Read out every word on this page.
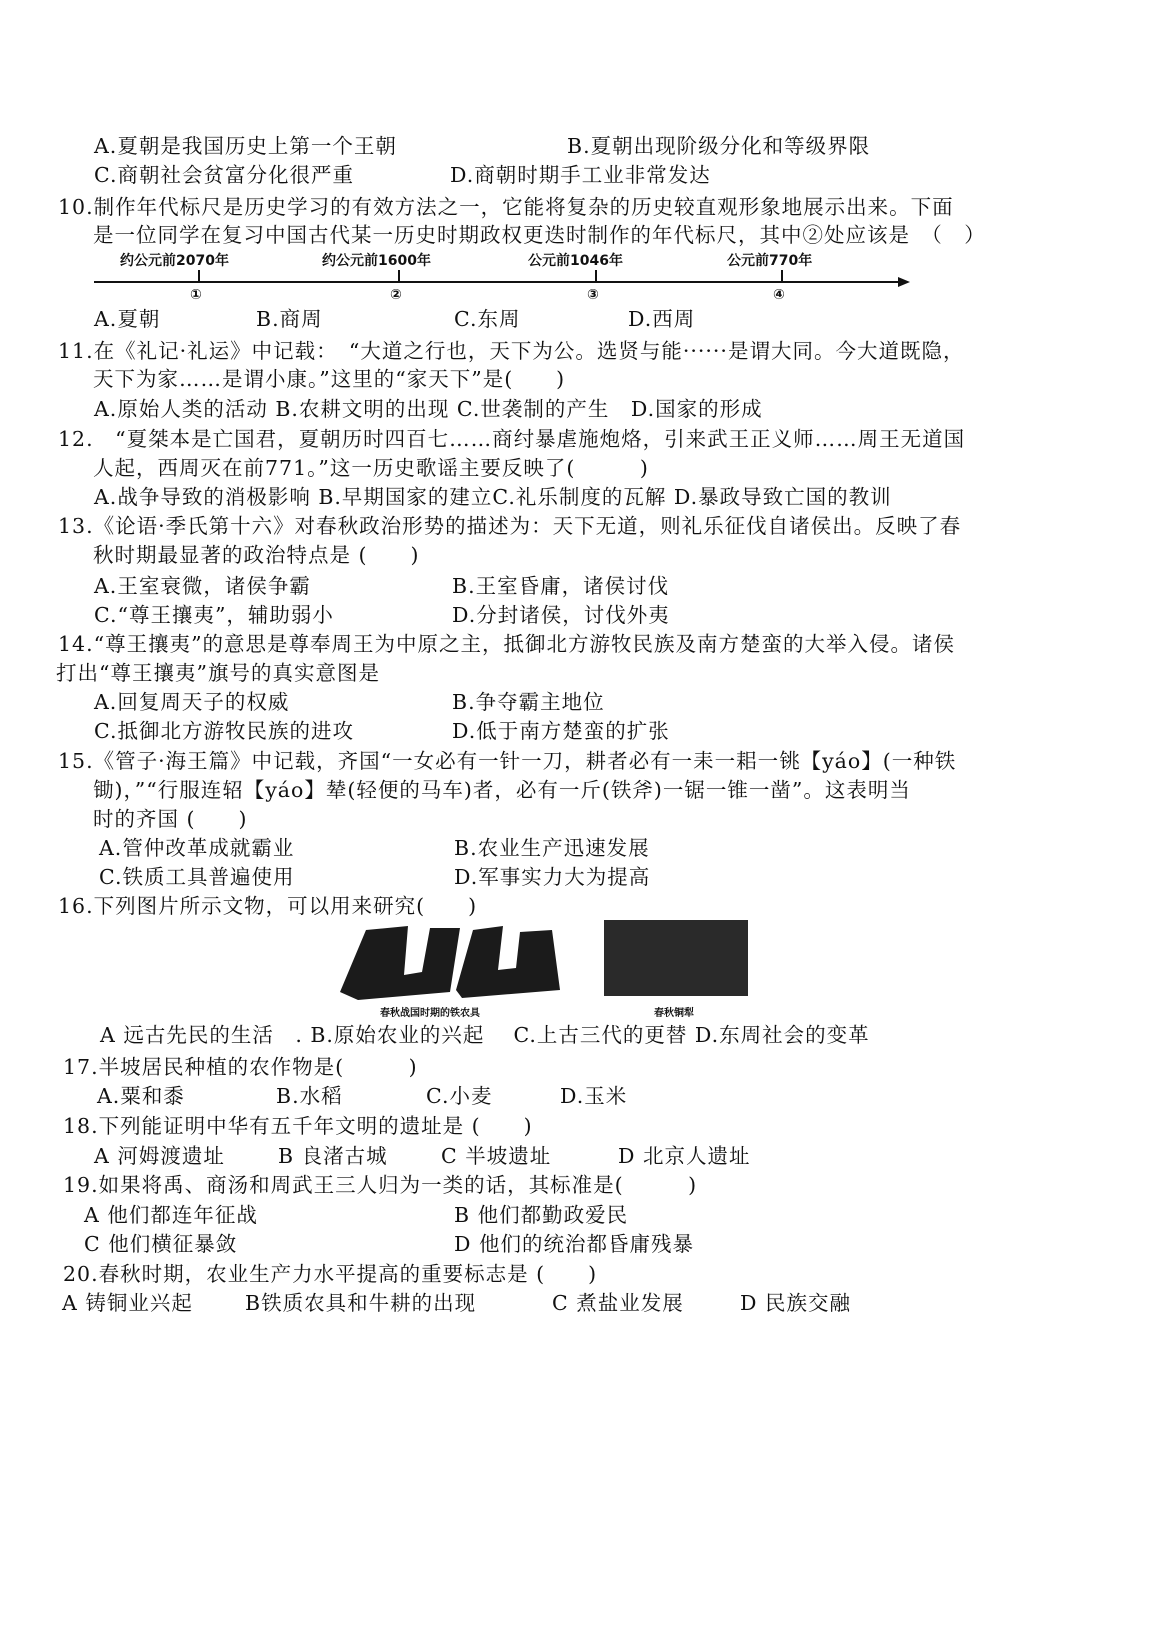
A.夏朝是我国历史上第一个王朝	B.夏朝出现阶级分化和等级界限
C.商朝社会贫富分化很严重	D.商朝时期手工业非常发达
10.制作年代标尺是历史学习的有效方法之一，它能将复杂的历史较直观形象地展示出来。下面
是一位同学在复习中国古代某一历史时期政权更迭时制作的年代标尺，其中②处应该是　（　）
约公元前2070年	约公元前1600年	公元前1046年	公元前770年
①	②	③	④
A.夏朝	B.商周	C.东周	D.西周
11.在《礼记·礼运》中记载：　“大道之行也，天下为公。选贤与能······是谓大同。今大道既隐，
天下为家……是谓小康。”这里的“家天下”是(　　)
A.原始人类的活动 B.农耕文明的出现 C.世袭制的产生　D.国家的形成
12.　“夏桀本是亡国君，夏朝历时四百七……商纣暴虐施炮烙，引来武王正义师……周王无道国
人起，西周灭在前771。”这一历史歌谣主要反映了(　　　)
A.战争导致的消极影响 B.早期国家的建立C.礼乐制度的瓦解 D.暴政导致亡国的教训
13.《论语·季氏第十六》对春秋政治形势的描述为：天下无道，则礼乐征伐自诸侯出。反映了春
秋时期最显著的政治特点是 (　　)
A.王室衰微，诸侯争霸	B.王室昏庸，诸侯讨伐
C.“尊王攘夷”，辅助弱小	D.分封诸侯，讨伐外夷
14.“尊王攘夷”的意思是尊奉周王为中原之主，抵御北方游牧民族及南方楚蛮的大举入侵。诸侯
打出“尊王攘夷”旗号的真实意图是
A.回复周天子的权威	B.争夺霸主地位
C.抵御北方游牧民族的进攻	D.低于南方楚蛮的扩张
15.《管子·海王篇》中记载，齐国“一女必有一针一刀，耕者必有一耒一耜一铫【yáo】(一种铁
锄)，”“行服连轺【yáo】辇(轻便的马车)者，必有一斤(铁斧)一锯一锥一凿”。这表明当
时的齐国 (　　)
A.管仲改革成就霸业	B.农业生产迅速发展
C.铁质工具普遍使用	D.军事实力大为提高
16.下列图片所示文物，可以用来研究(　　)
春秋战国时期的铁农具	春秋铜犁
A 远古先民的生活　. B.原始农业的兴起　 C.上古三代的更替 D.东周社会的变革
17.半坡居民种植的农作物是(　　　)
A.粟和黍	B.水稻	C.小麦	D.玉米
18.下列能证明中华有五千年文明的遗址是 (　　)
A 河姆渡遗址	B 良渚古城	C 半坡遗址	D 北京人遗址
19.如果将禹、商汤和周武王三人归为一类的话，其标准是(　　　)
A 他们都连年征战	B 他们都勤政爱民
C 他们横征暴敛	D 他们的统治都昏庸残暴
20.春秋时期，农业生产力水平提高的重要标志是 (　　)
A 铸铜业兴起	B铁质农具和牛耕的出现	C 煮盐业发展	D 民族交融
